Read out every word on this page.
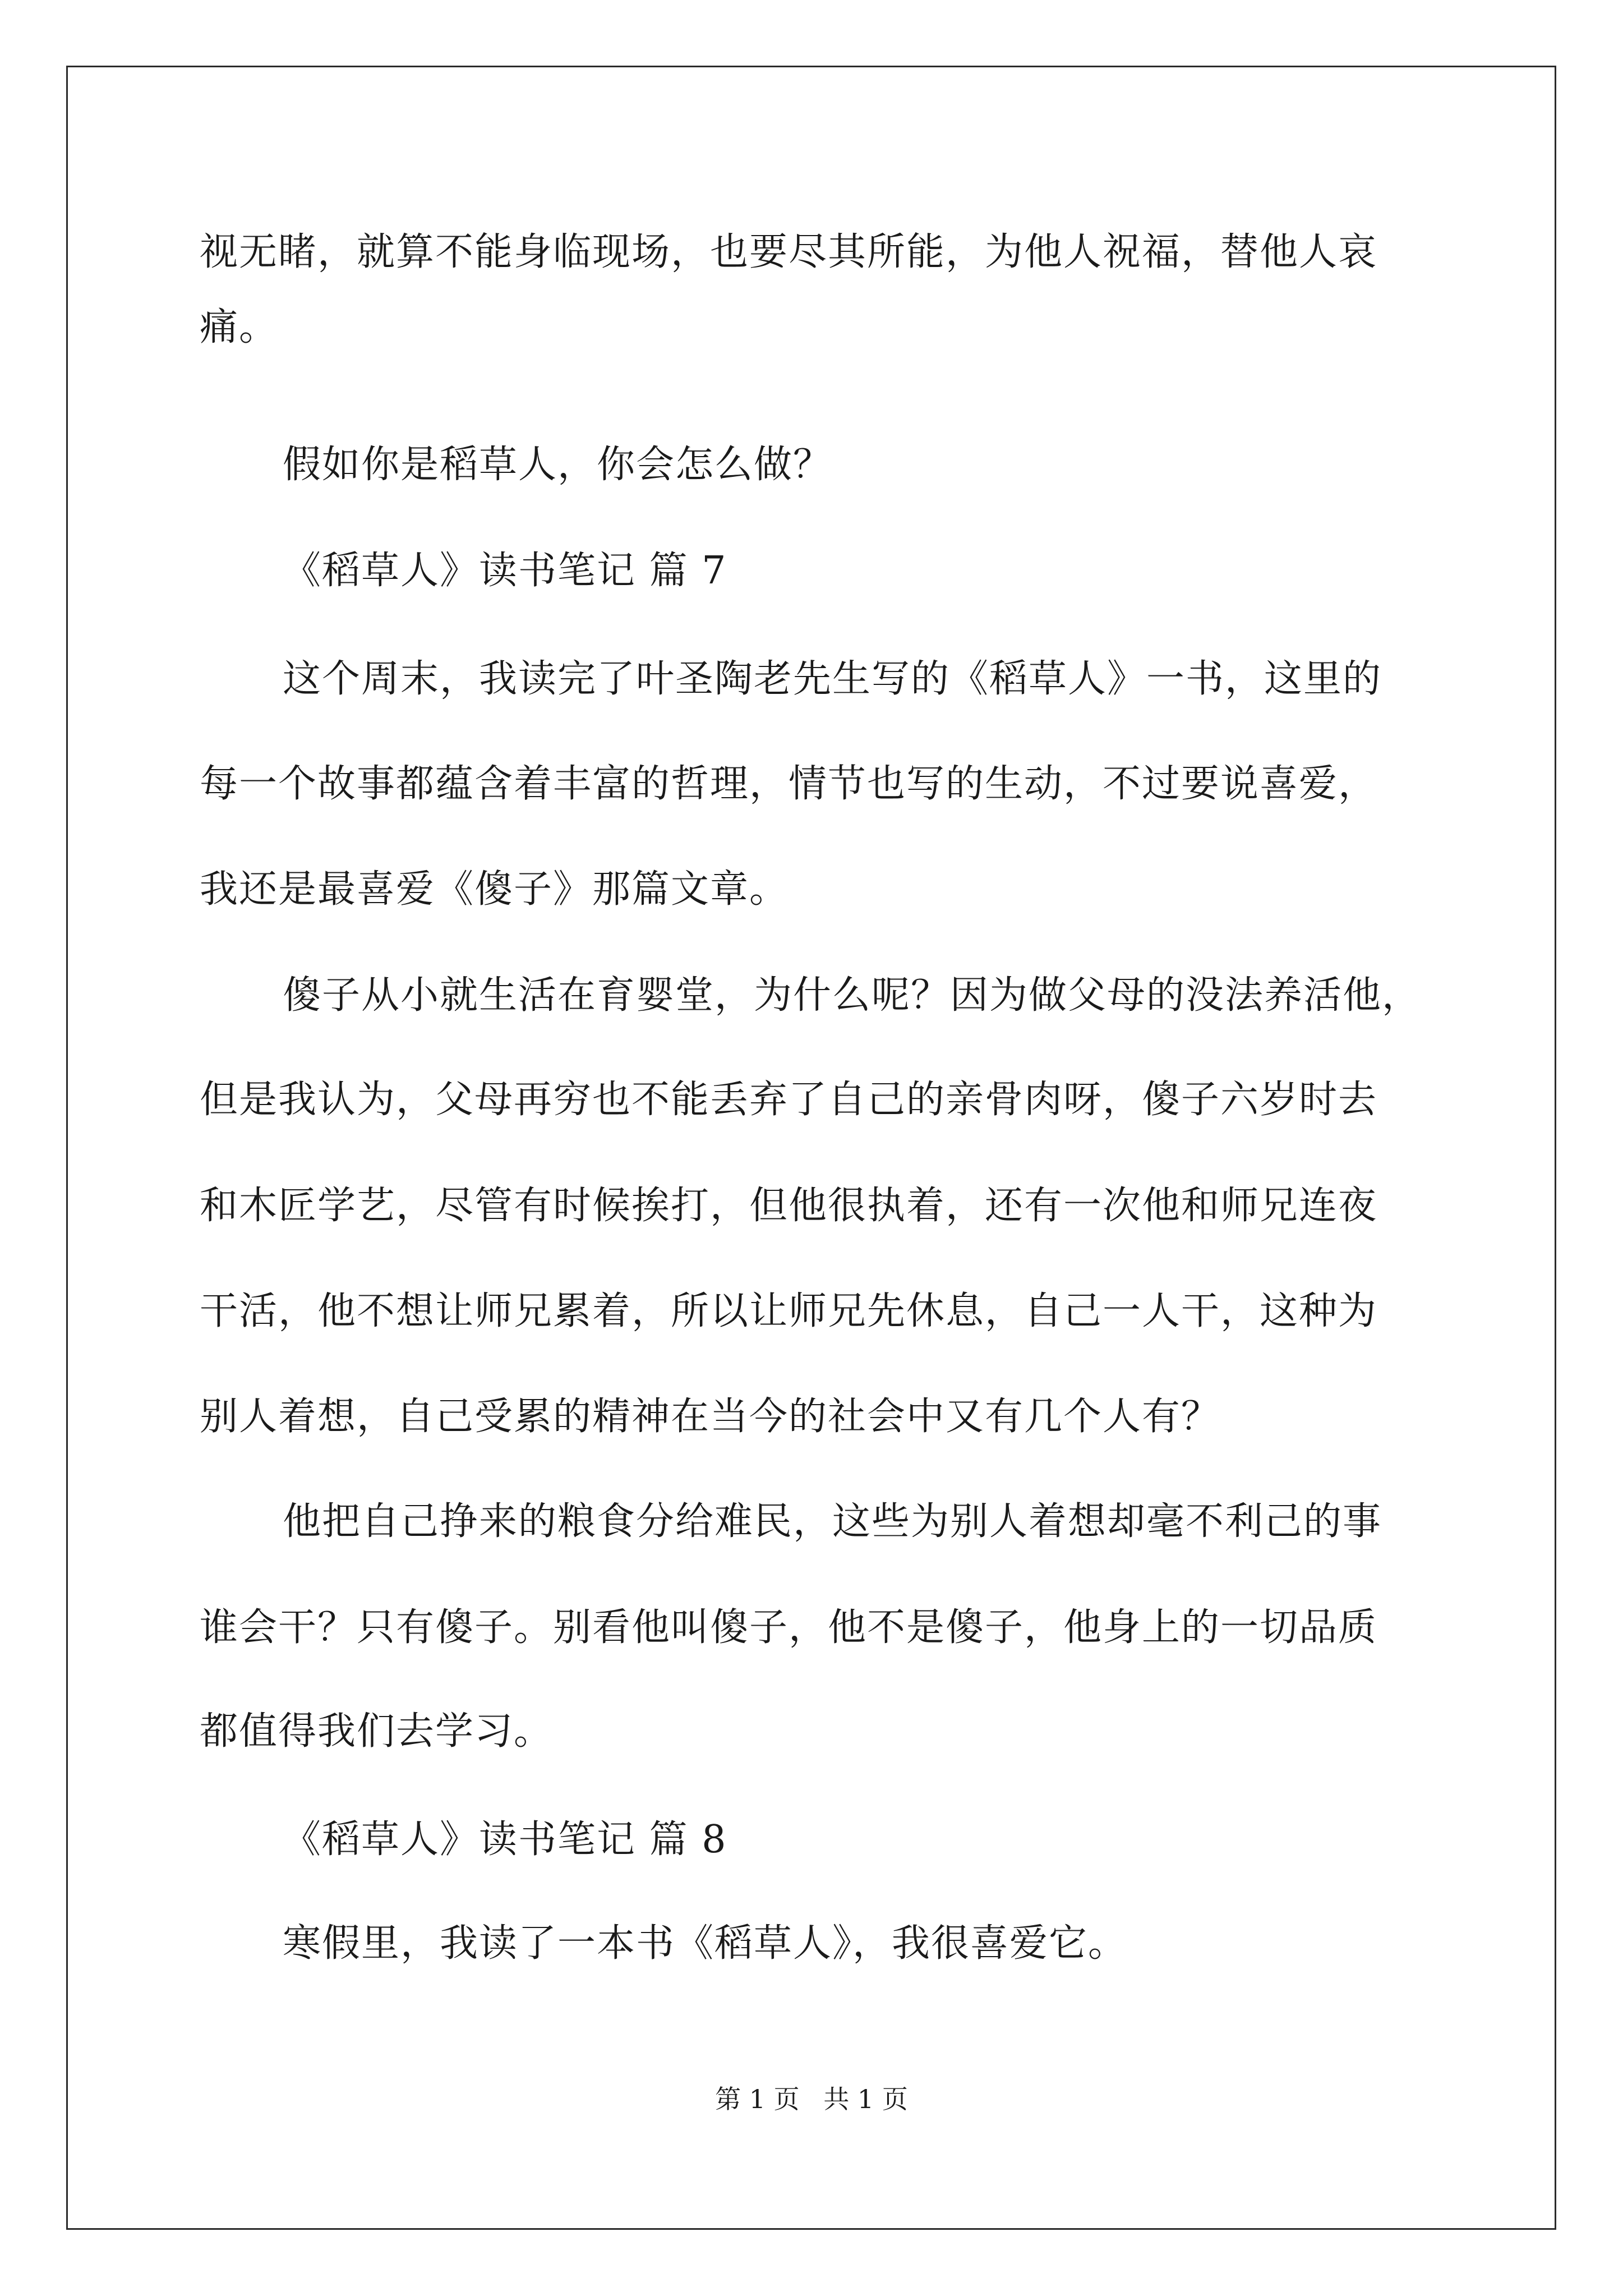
视无睹，就算不能身临现场，也要尽其所能，为他人祝福，替他人哀
痛。
假如你是稻草人，你会怎么做？
《稻草人》读书笔记 篇 7
这个周末，我读完了叶圣陶老先生写的《稻草人》一书，这里的
每一个故事都蕴含着丰富的哲理，情节也写的生动，不过要说喜爱，
我还是最喜爱《傻子》那篇文章。
傻子从小就生活在育婴堂，为什么呢？因为做父母的没法养活他，
但是我认为，父母再穷也不能丢弃了自己的亲骨肉呀，傻子六岁时去
和木匠学艺，尽管有时候挨打，但他很执着，还有一次他和师兄连夜
干活，他不想让师兄累着，所以让师兄先休息，自己一人干，这种为
别人着想，自己受累的精神在当今的社会中又有几个人有？
他把自己挣来的粮食分给难民，这些为别人着想却毫不利己的事
谁会干？只有傻子。别看他叫傻子，他不是傻子，他身上的一切品质
都值得我们去学习。
《稻草人》读书笔记 篇 8
寒假里，我读了一本书《稻草人》，我很喜爱它。
第 1 页 共 1 页
